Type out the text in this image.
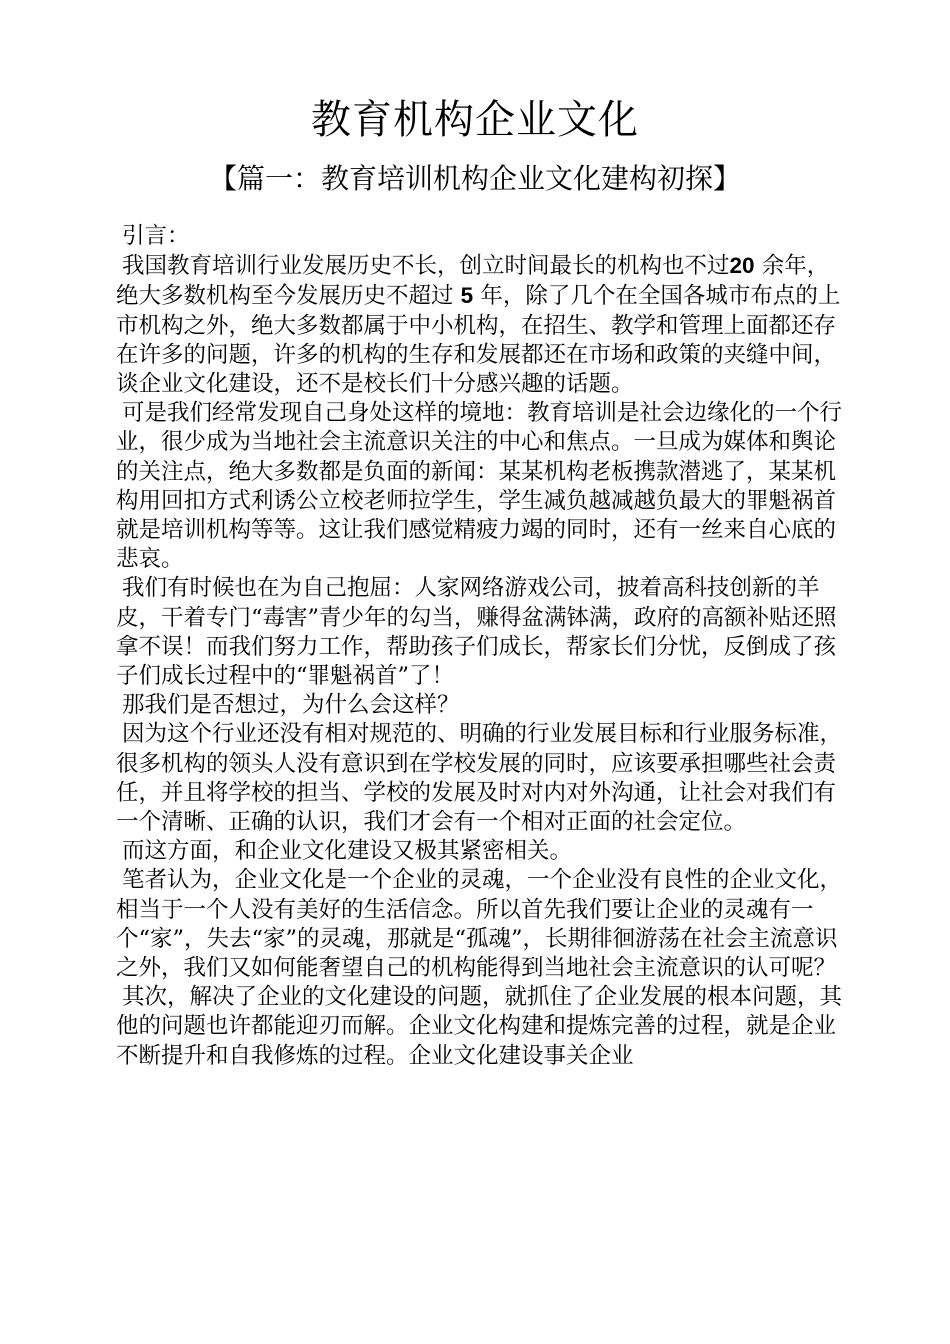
教育机构企业文化
【篇一：教育培训机构企业文化建构初探】

引言：

我国教育培训行业发展历史不长，创立时间最长的机构也不过20 余年，绝大多数机构至今发展历史不超过 5 年，除了几个在全国各城市布点的上市机构之外，绝大多数都属于中小机构，在招生、教学和管理上面都还存在许多的问题，许多的机构的生存和发展都还在市场和政策的夹缝中间，谈企业文化建设，还不是校长们十分感兴趣的话题。

可是我们经常发现自己身处这样的境地：教育培训是社会边缘化的一个行业，很少成为当地社会主流意识关注的中心和焦点。一旦成为媒体和舆论的关注点，绝大多数都是负面的新闻：某某机构老板携款潜逃了，某某机构用回扣方式利诱公立校老师拉学生，学生减负越减越负最大的罪魁祸首就是培训机构等等。这让我们感觉精疲力竭的同时，还有一丝来自心底的悲哀。

我们有时候也在为自己抱屈：人家网络游戏公司，披着高科技创新的羊皮，干着专门“毒害”青少年的勾当，赚得盆满钵满，政府的高额补贴还照拿不误！而我们努力工作，帮助孩子们成长，帮家长们分忧，反倒成了孩子们成长过程中的“罪魁祸首”了！

那我们是否想过，为什么会这样？

因为这个行业还没有相对规范的、明确的行业发展目标和行业服务标准，很多机构的领头人没有意识到在学校发展的同时，应该要承担哪些社会责任，并且将学校的担当、学校的发展及时对内对外沟通，让社会对我们有一个清晰、正确的认识，我们才会有一个相对正面的社会定位。

而这方面，和企业文化建设又极其紧密相关。

笔者认为，企业文化是一个企业的灵魂，一个企业没有良性的企业文化，相当于一个人没有美好的生活信念。所以首先我们要让企业的灵魂有一个“家”，失去“家”的灵魂，那就是“孤魂”，长期徘徊游荡在社会主流意识之外，我们又如何能奢望自己的机构能得到当地社会主流意识的认可呢？

其次，解决了企业的文化建设的问题，就抓住了企业发展的根本问题，其他的问题也许都能迎刃而解。企业文化构建和提炼完善的过程，就是企业不断提升和自我修炼的过程。企业文化建设事关企业
